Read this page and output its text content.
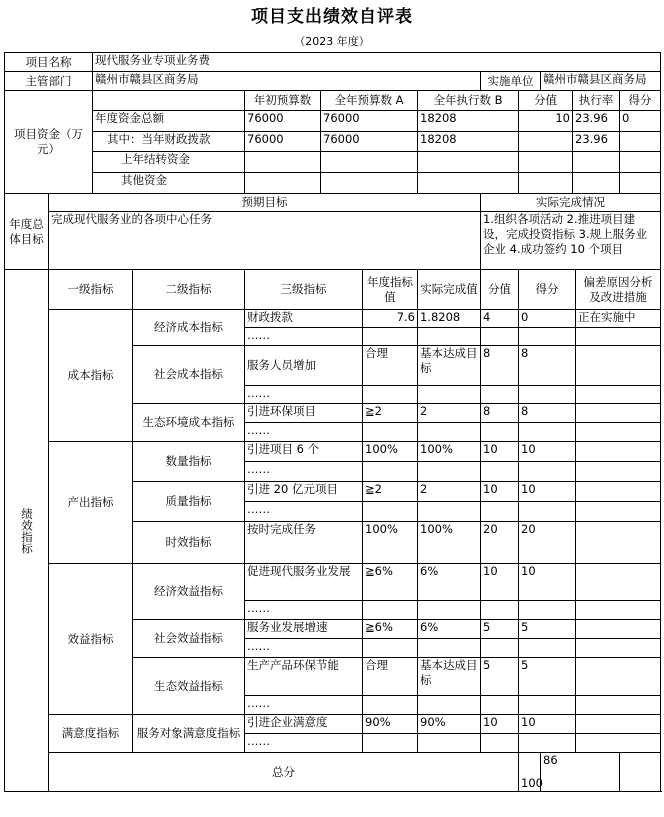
项目支出绩效自评表
（2023 年度）
项目名称		现代服务业专项业务费											
主管部门		赣州市赣县区商务局						实施单位		赣州市赣县区商务局			
项目资金（万元）				年初预算数	全年预算数 A		全年执行数 B		分值		执行率		得分
		年度资金总额		76000	76000		18208		10		23.96		0
		其中：当年财政拨款		76000	76000		18208				23.96		
		上年结转资金											
		其他资金											
年度总体目标	预期目标							实际完成情况					
	完成现代服务业的各项中心任务							1.组织各项活动 2.推进项目建设，完成投资指标 3.规上服务业企业 4.成功签约 10 个项目					
绩效指标	一级指标		二级指标	三级指标		年度指标值	实际完成值	分值	得分			偏差原因分析及改进措施	
	成本指标		经济成本指标	财政拨款		7.6	1.8208	4	0			正在实施中	
				……									
			社会成本指标	服务人员增加		合理	基本达成目标	8	8				
				……									
			生态环境成本指标	引进环保项目		≧2	2	8	8				
				……									
	产出指标		数量指标	引进项目 6 个		100%	100%	10	10				
				……									
			质量指标	引进 20 亿元项目		≧2	2	10	10				
				……									
			时效指标	按时完成任务		100%	100%	20	20				
	效益指标		经济效益指标	促进现代服务业发展		≧6%	6%	10	10				
				……									
			社会效益指标	服务业发展增速		≧6%	6%	5	5				
				……									
			生态效益指标	生产产品环保节能		合理	基本达成目标	5	5				
				……									
	满意度指标		服务对象满意度指标	引进企业满意度		90%	90%	10	10				
				……									
	总分								100	86			
